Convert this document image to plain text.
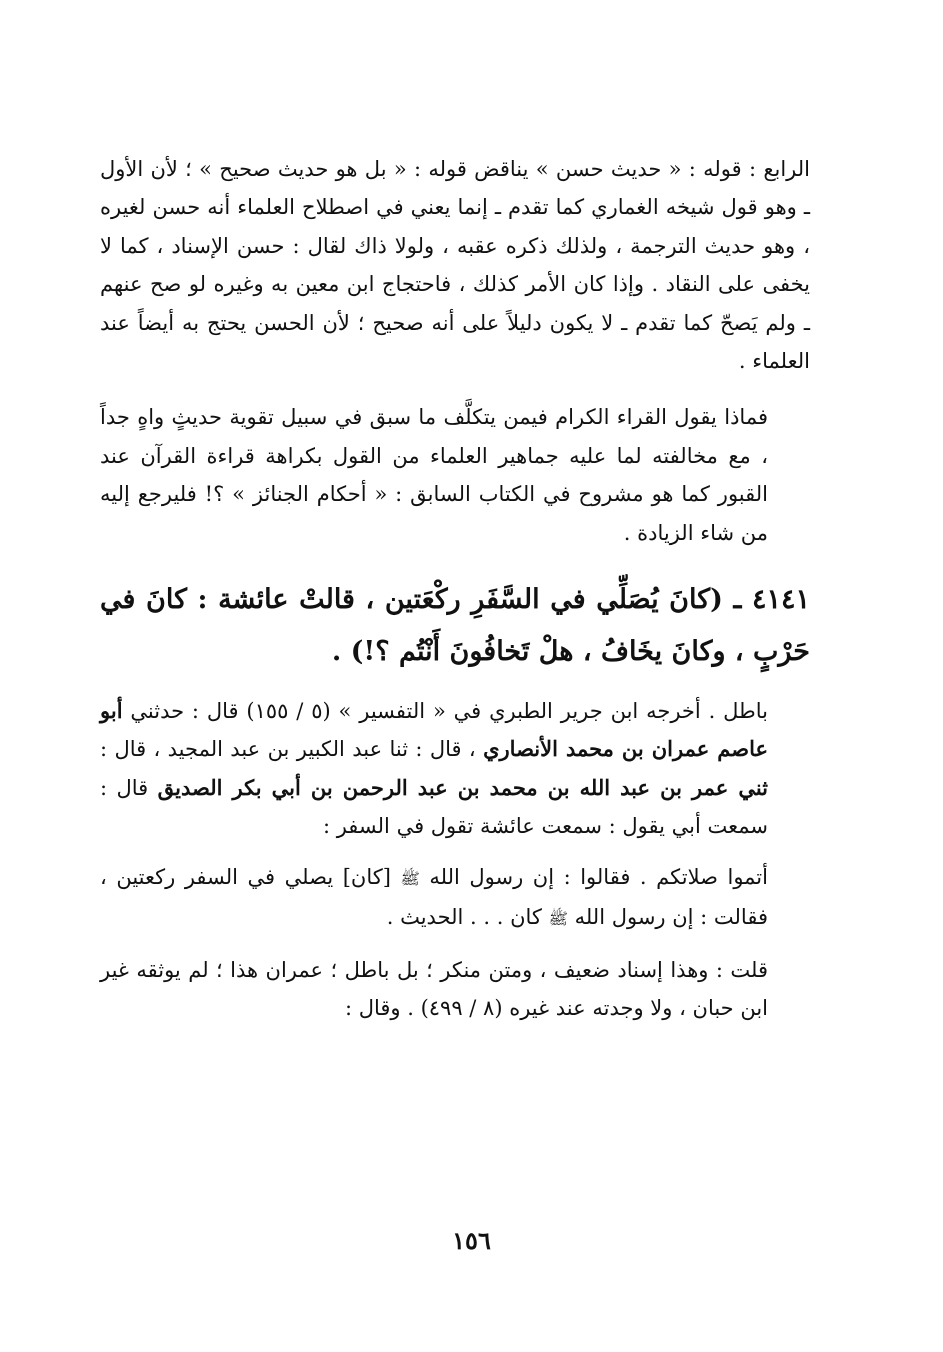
الرابع : قوله : « حديث حسن » يناقض قوله : « بل هو حديث صحيح » ؛ لأن الأول ـ وهو قول شيخه الغماري كما تقدم ـ إنما يعني في اصطلاح العلماء أنه حسن لغيره ، وهو حديث الترجمة ، ولذلك ذكره عقبه ، ولولا ذاك لقال : حسن الإسناد ، كما لا يخفى على النقاد . وإذا كان الأمر كذلك ، فاحتجاج ابن معين به وغيره لو صح عنهم ـ ولم يَصحّ كما تقدم ـ لا يكون دليلاً على أنه صحيح ؛ لأن الحسن يحتج به أيضاً عند العلماء .

فماذا يقول القراء الكرام فيمن يتكلَّف ما سبق في سبيل تقوية حديثٍ واهٍ جداً ، مع مخالفته لما عليه جماهير العلماء من القول بكراهة قراءة القرآن عند القبور كما هو مشروح في الكتاب السابق : « أحكام الجنائز » ؟! فليرجع إليه من شاء الزيادة .

٤١٤١ ـ (كانَ يُصَلِّي في السَّفَرِ ركْعَتين ، قالتْ عائشة : كانَ في حَرْبٍ ، وكانَ يخَافُ ، هلْ تَخافُونَ أَنْتُم ؟!) .

باطل . أخرجه ابن جرير الطبري في « التفسير » (٥ / ١٥٥) قال : حدثني أبو عاصم عمران بن محمد الأنصاري ، قال : ثنا عبد الكبير بن عبد المجيد ، قال : ثني عمر بن عبد الله بن محمد بن عبد الرحمن بن أبي بكر الصديق قال : سمعت أبي يقول : سمعت عائشة تقول في السفر :

أتموا صلاتكم . فقالوا : إن رسول الله ﷺ [كان] يصلي في السفر ركعتين ، فقالت : إن رسول الله ﷺ كان . . . الحديث .

قلت : وهذا إسناد ضعيف ، ومتن منكر ؛ بل باطل ؛ عمران هذا ؛ لم يوثقه غير ابن حبان ، ولا وجدته عند غيره (٨ / ٤٩٩) . وقال :

١٥٦
